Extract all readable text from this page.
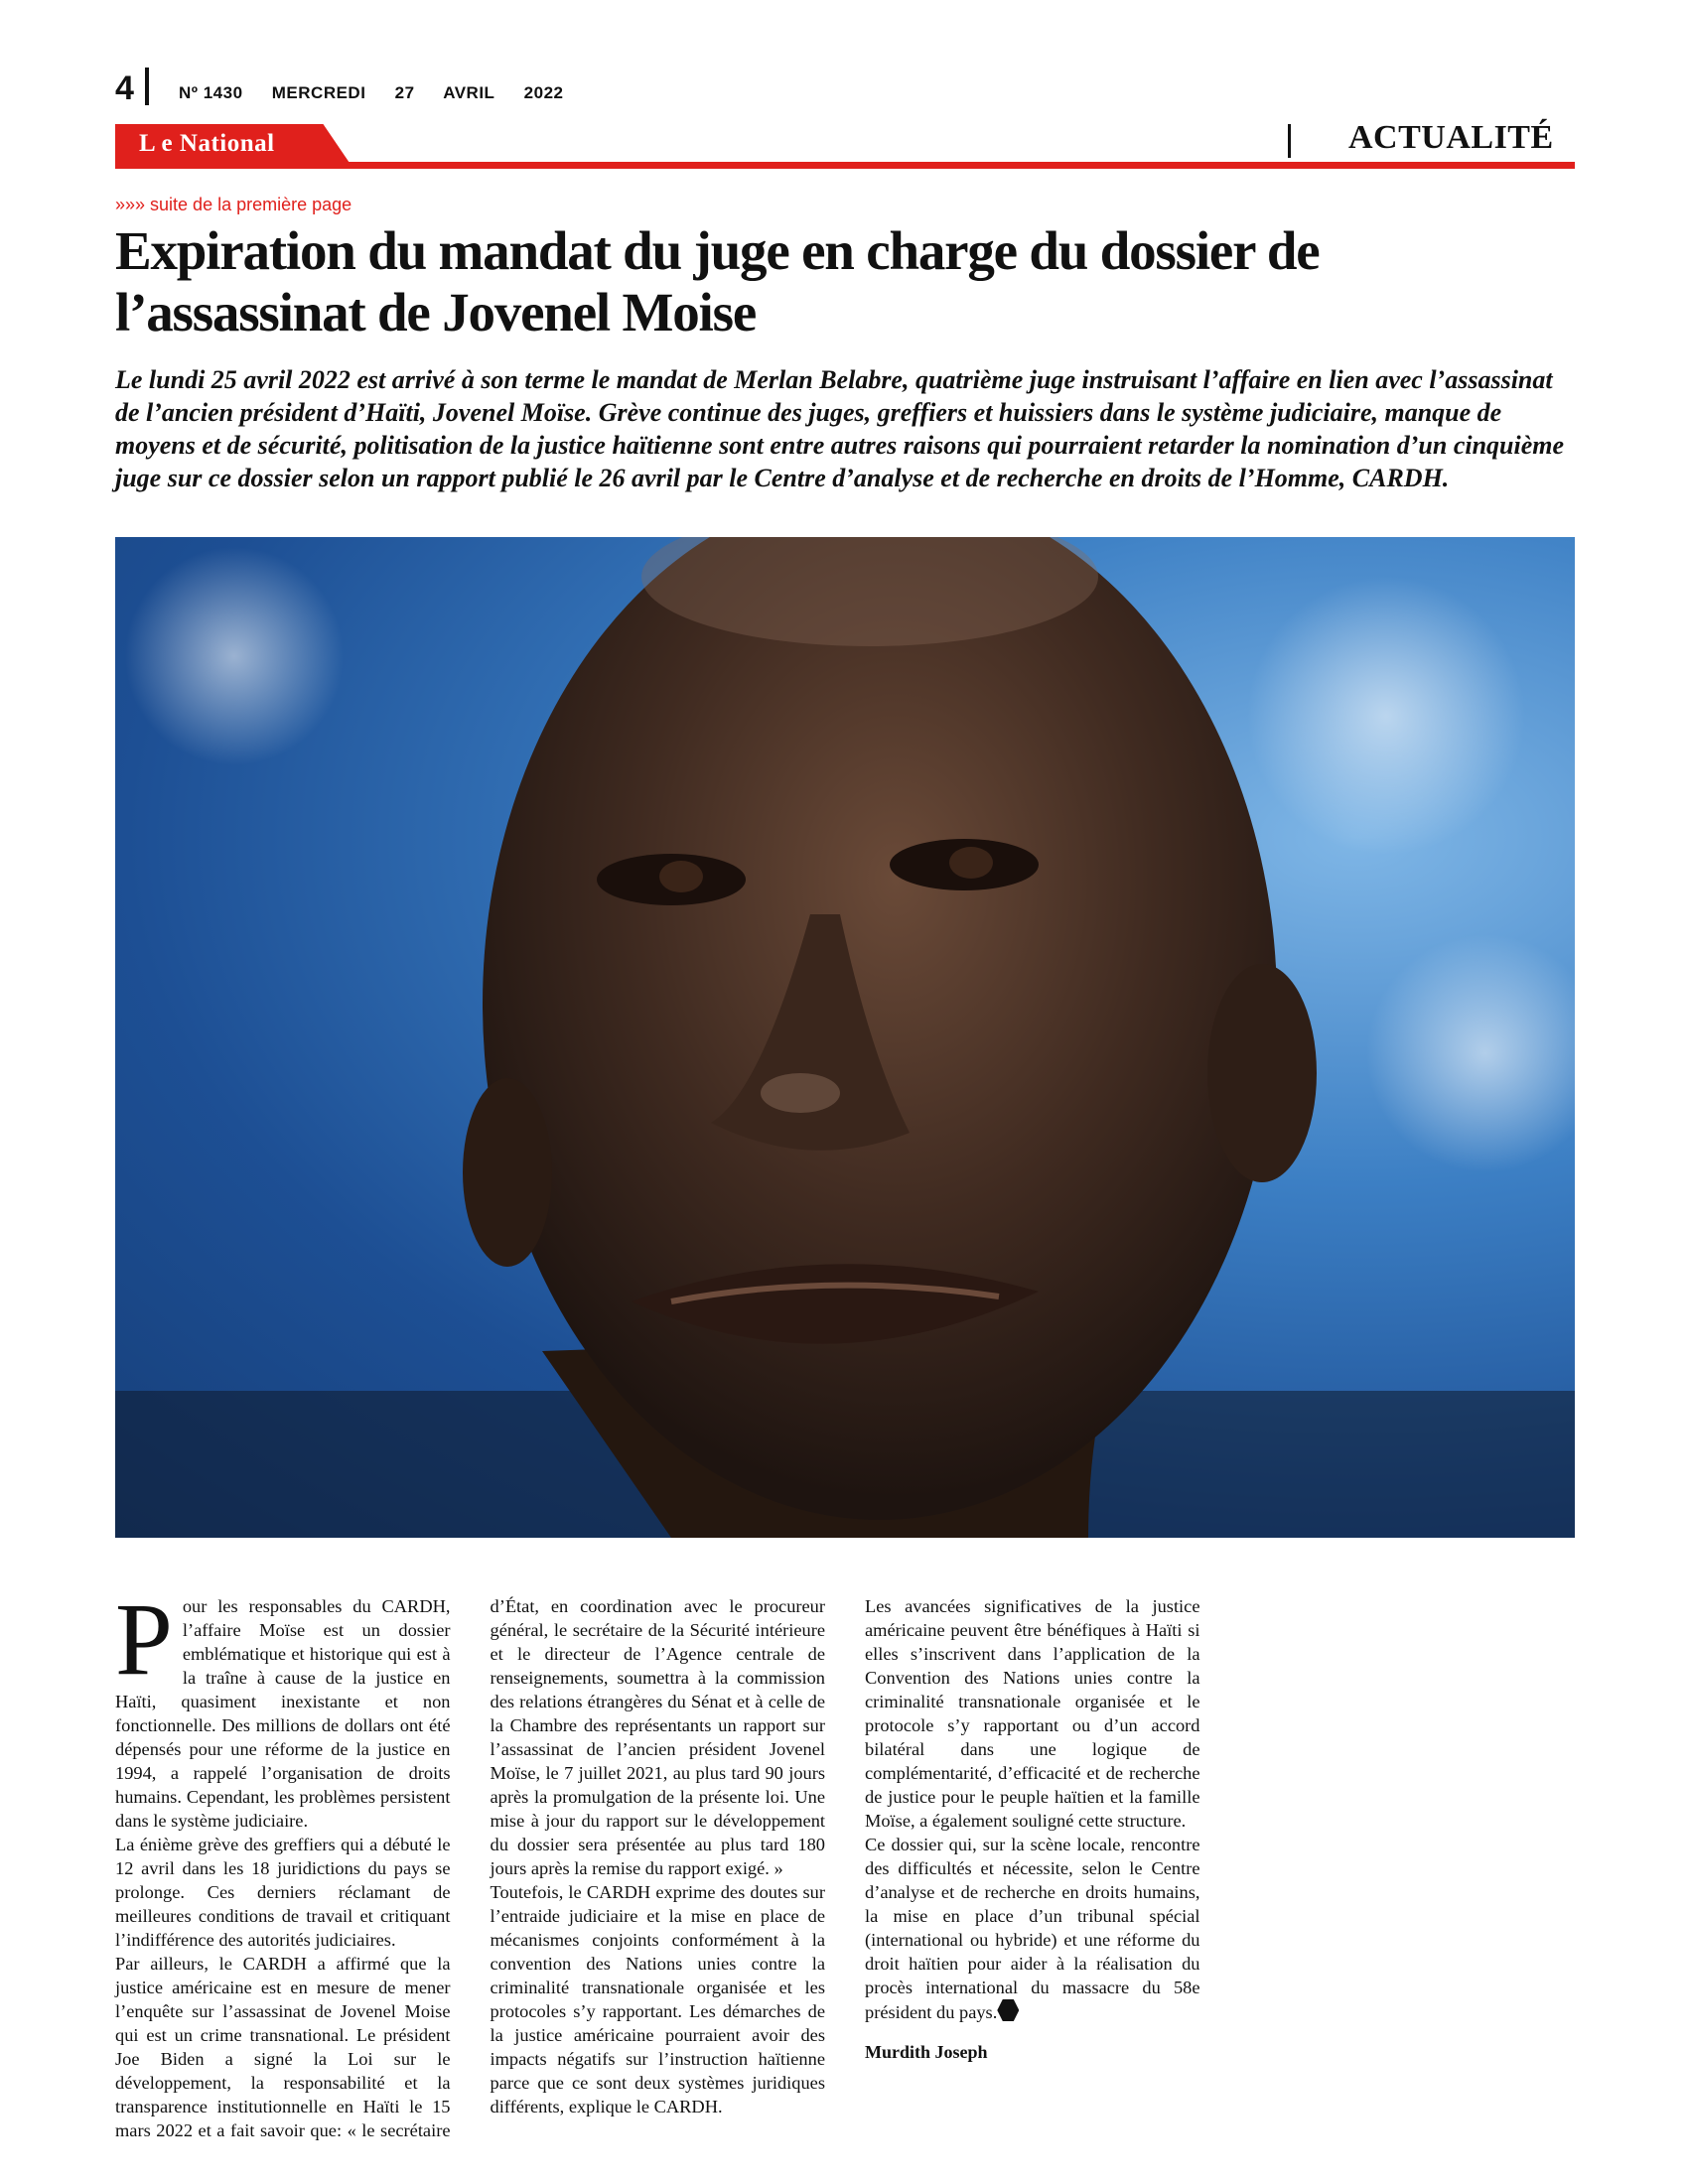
4	Nº 1430 MERCREDI 27 AVRIL 2022
L e National	ACTUALITÉ
»»» suite de la première page
Expiration du mandat du juge en charge du dossier de l’assassinat de Jovenel Moise

Le lundi 25 avril 2022 est arrivé à son terme le mandat de Merlan Belabre, quatrième juge instruisant l’affaire en lien avec l’assassinat de l’ancien président d’Haïti, Jovenel Moïse. Grève continue des juges, greffiers et huissiers dans le système judiciaire, manque de moyens et de sécurité, politisation de la justice haïtienne sont entre autres raisons qui pourraient retarder la nomination d’un cinquième juge sur ce dossier selon un rapport publié le 26 avril par le Centre d’analyse et de recherche en droits de l’Homme, CARDH.

Pour les responsables du CARDH, l’affaire Moïse est un dossier emblématique et historique qui est à la traîne à cause de la justice en Haïti, quasiment inexistante et non fonctionnelle. Des millions de dollars ont été dépensés pour une réforme de la justice en 1994, a rappelé l’organisation de droits humains. Cependant, les problèmes persistent dans le système judiciaire.

La énième grève des greffiers qui a débuté le 12 avril dans les 18 juridictions du pays se prolonge. Ces derniers réclamant de meilleures conditions de travail et critiquant l’indifférence des autorités judiciaires.

Par ailleurs, le CARDH a affirmé que la justice américaine est en mesure de mener l’enquête sur l’assassinat de Jovenel Moise qui est un crime transnational. Le président Joe Biden a signé la Loi sur le développement, la responsabilité et la transparence institutionnelle en Haïti le 15 mars 2022 et a fait savoir que: « le secrétaire d’État, en coordination avec le procureur général, le secrétaire de la Sécurité intérieure et le directeur de l’Agence centrale de renseignements, soumettra à la commission des relations étrangères du Sénat et à celle de la Chambre des représentants un rapport sur l’assassinat de l’ancien président Jovenel Moïse, le 7 juillet 2021, au plus tard 90 jours après la promulgation de la présente loi. Une mise à jour du rapport sur le développement du dossier sera présentée au plus tard 180 jours après la remise du rapport exigé. »

Toutefois, le CARDH exprime des doutes sur l’entraide judiciaire et la mise en place de mécanismes conjoints conformément à la convention des Nations unies contre la criminalité transnationale organisée et les protocoles s’y rapportant. Les démarches de la justice américaine pourraient avoir des impacts négatifs sur l’instruction haïtienne parce que ce sont deux systèmes juridiques différents, explique le CARDH.

Les avancées significatives de la justice américaine peuvent être bénéfiques à Haïti si elles s’inscrivent dans l’application de la Convention des Nations unies contre la criminalité transnationale organisée et le protocole s’y rapportant ou d’un accord bilatéral dans une logique de complémentarité, d’efficacité et de recherche de justice pour le peuple haïtien et la famille Moïse, a également souligné cette structure.

Ce dossier qui, sur la scène locale, rencontre des difficultés et nécessite, selon le Centre d’analyse et de recherche en droits humains, la mise en place d’un tribunal spécial (international ou hybride) et une réforme du droit haïtien pour aider à la réalisation du procès international du massacre du 58e président du pays.

Murdith Joseph
